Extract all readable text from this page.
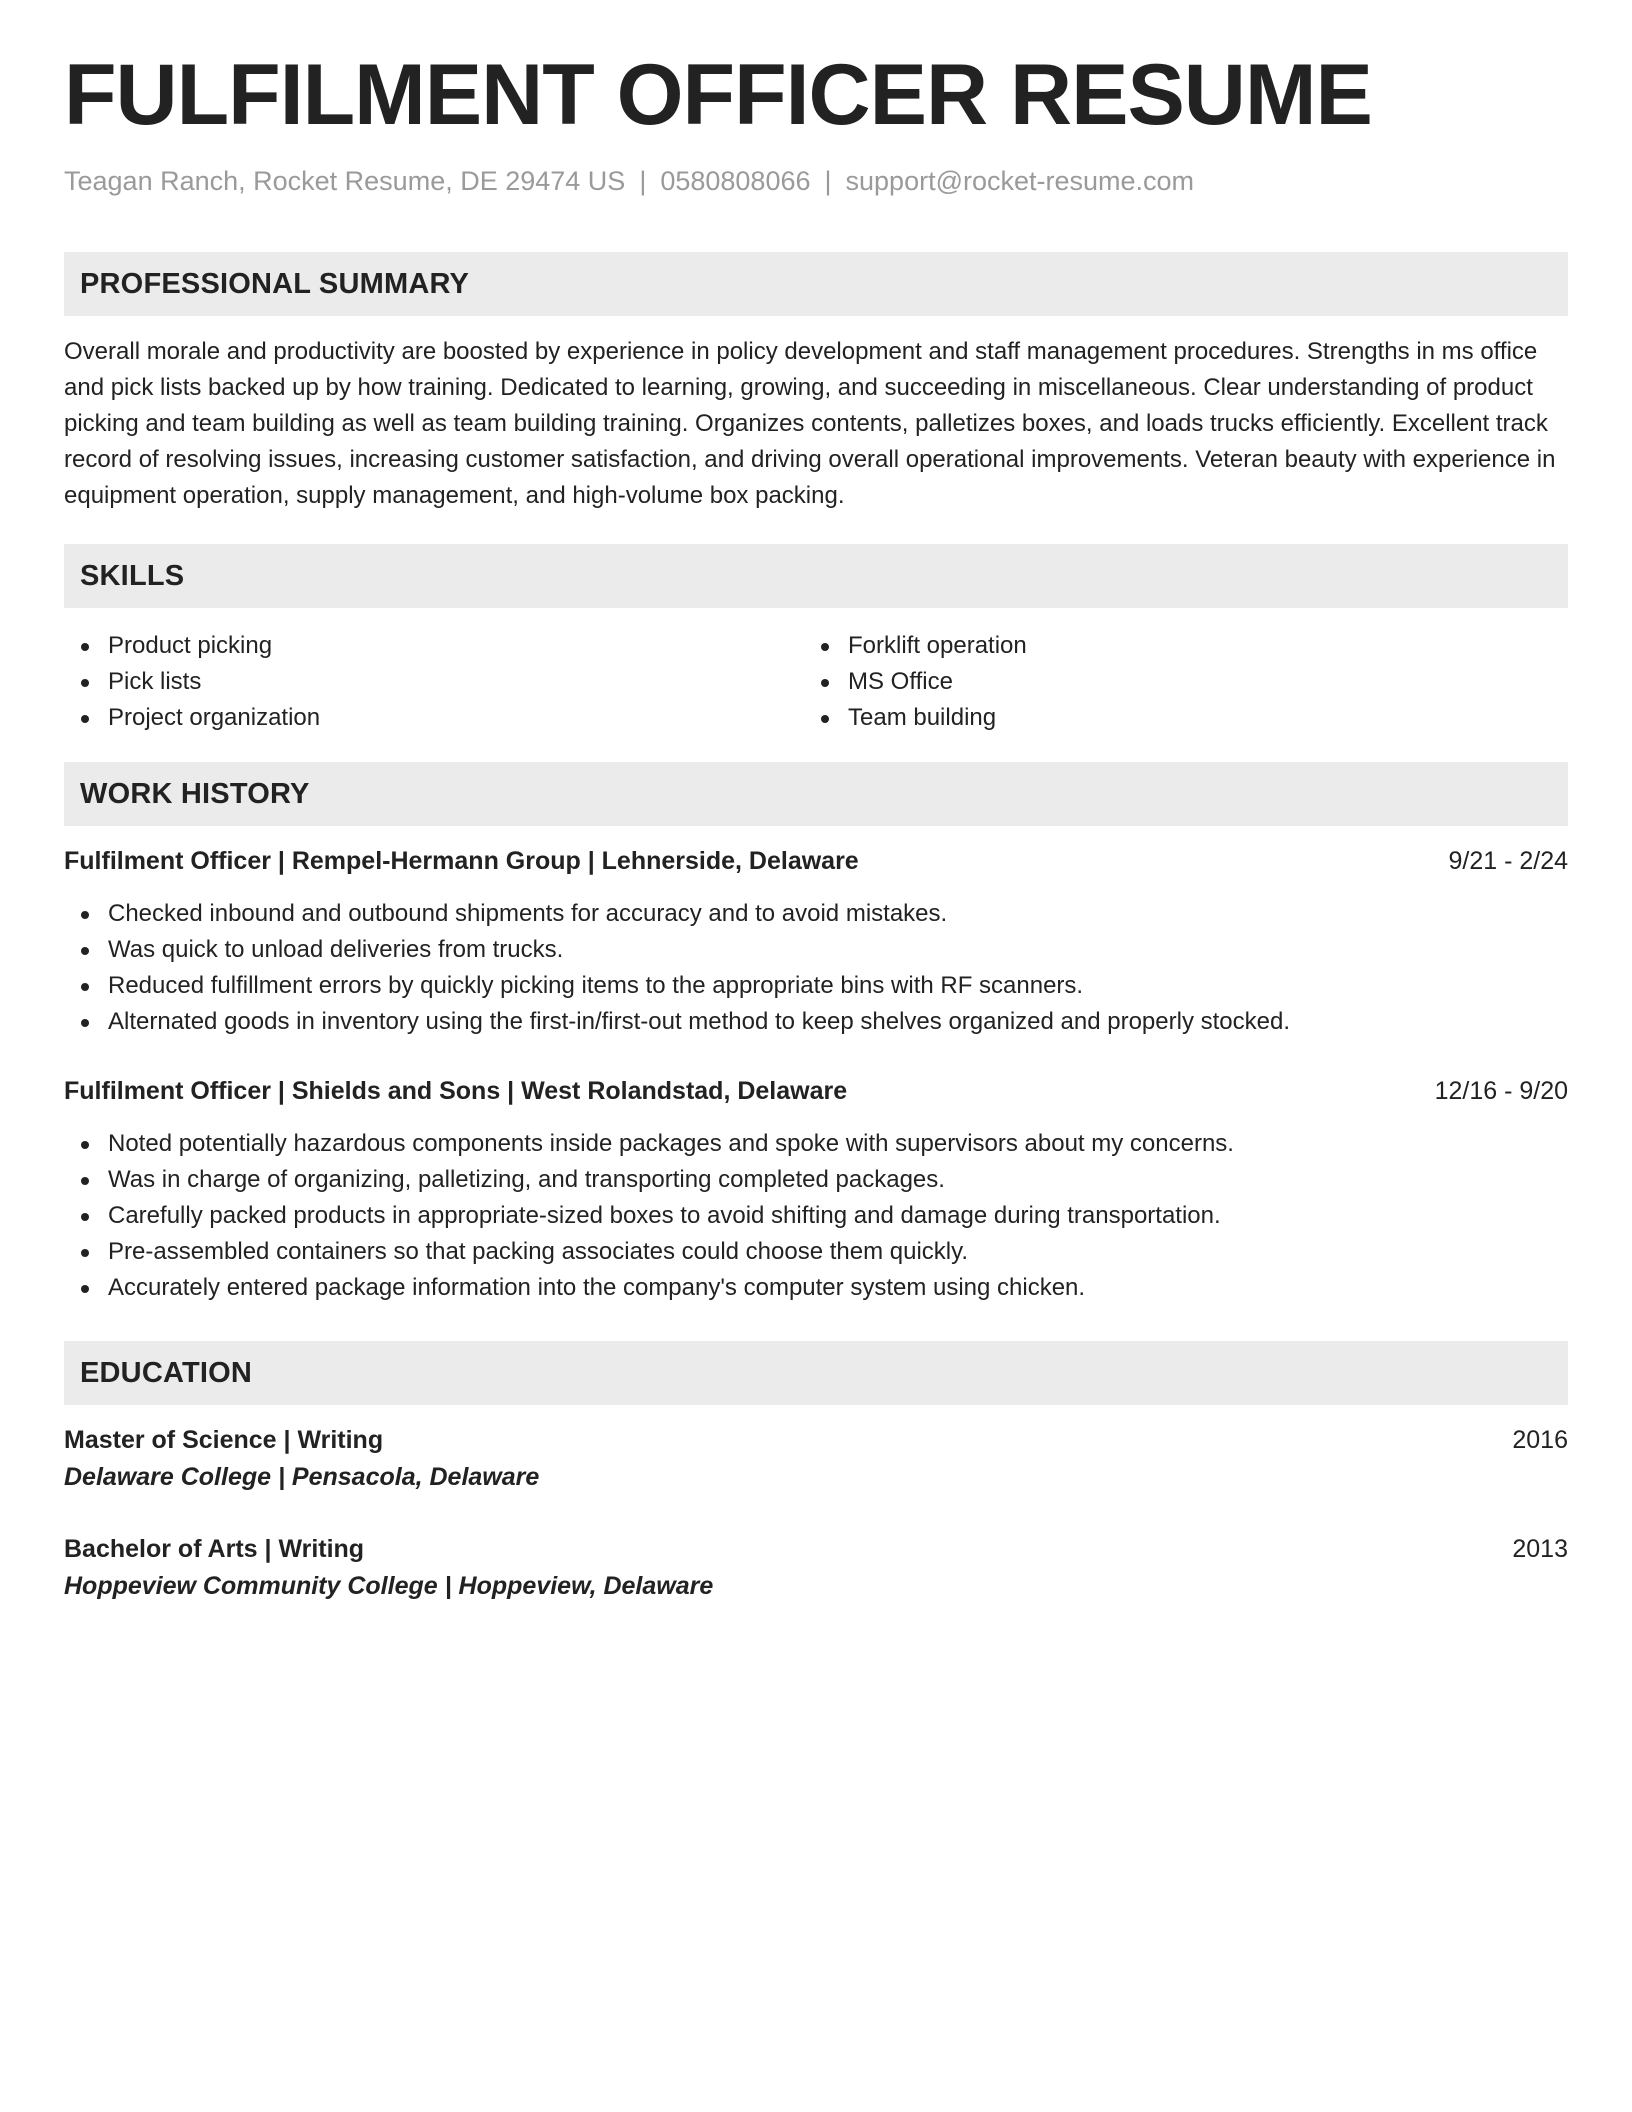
FULFILMENT OFFICER RESUME
Teagan Ranch, Rocket Resume, DE 29474 US | 0580808066 | support@rocket-resume.com
PROFESSIONAL SUMMARY

Overall morale and productivity are boosted by experience in policy development and staff management procedures. Strengths in ms office and pick lists backed up by how training. Dedicated to learning, growing, and succeeding in miscellaneous. Clear understanding of product picking and team building as well as team building training. Organizes contents, palletizes boxes, and loads trucks efficiently. Excellent track record of resolving issues, increasing customer satisfaction, and driving overall operational improvements. Veteran beauty with experience in equipment operation, supply management, and high-volume box packing.

SKILLS
Product picking
Pick lists
Project organization
Forklift operation
MS Office
Team building
WORK HISTORY
Fulfilment Officer | Rempel-Hermann Group | Lehnerside, Delaware	9/21 - 2/24
Checked inbound and outbound shipments for accuracy and to avoid mistakes.
Was quick to unload deliveries from trucks.
Reduced fulfillment errors by quickly picking items to the appropriate bins with RF scanners.
Alternated goods in inventory using the first-in/first-out method to keep shelves organized and properly stocked.
Fulfilment Officer | Shields and Sons | West Rolandstad, Delaware	12/16 - 9/20
Noted potentially hazardous components inside packages and spoke with supervisors about my concerns.
Was in charge of organizing, palletizing, and transporting completed packages.
Carefully packed products in appropriate-sized boxes to avoid shifting and damage during transportation.
Pre-assembled containers so that packing associates could choose them quickly.
Accurately entered package information into the company's computer system using chicken.
EDUCATION
Master of Science | Writing	2016
Delaware College | Pensacola, Delaware
Bachelor of Arts | Writing	2013
Hoppeview Community College | Hoppeview, Delaware
